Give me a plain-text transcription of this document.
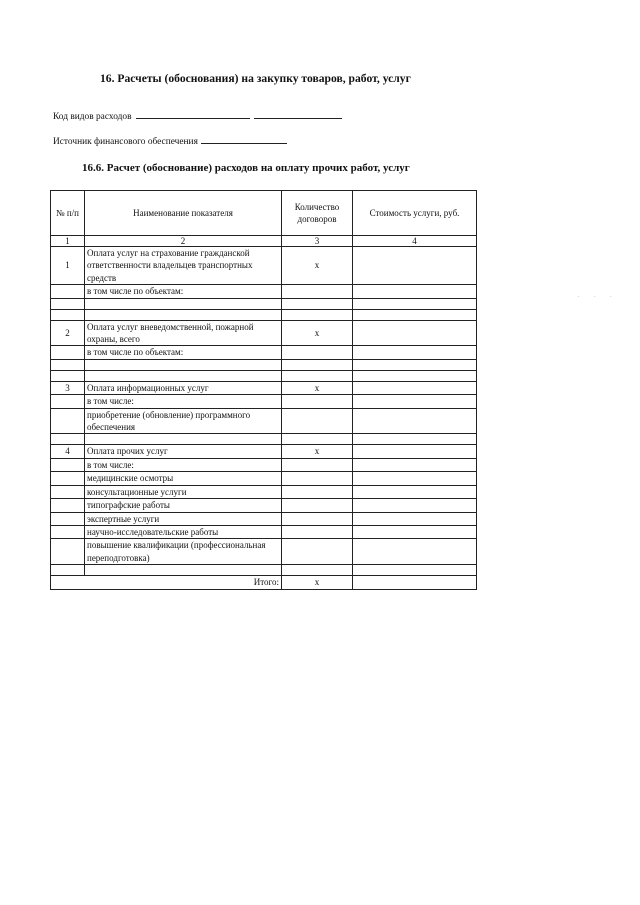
16. Расчеты (обоснования) на закупку товаров, работ, услуг
Код видов расходов
Источник финансового обеспечения
16.6. Расчет (обоснование) расходов на оплату прочих работ, услуг
№ п/п	Наименование показателя	Количество договоров	Стоимость услуги, руб.
1	2	3	4
1	Оплата услуг на страхование гражданской ответственности владельцев транспортных средств	x	
	в том числе по объектам:		

2	Оплата услуг вневедомственной, пожарной охраны, всего	x	
	в том числе по объектам:		

3	Оплата информационных услуг	x	
	в том числе:		
	приобретение (обновление) программного обеспечения		

4	Оплата прочих услуг	x	
	в том числе:		
	медицинские осмотры		
	консультационные услуги		
	типографские работы		
	экспертные услуги		
	научно-исследовательские работы		
	повышение квалификации (профессиональная переподготовка)		

Итого:		x	
· · ·
